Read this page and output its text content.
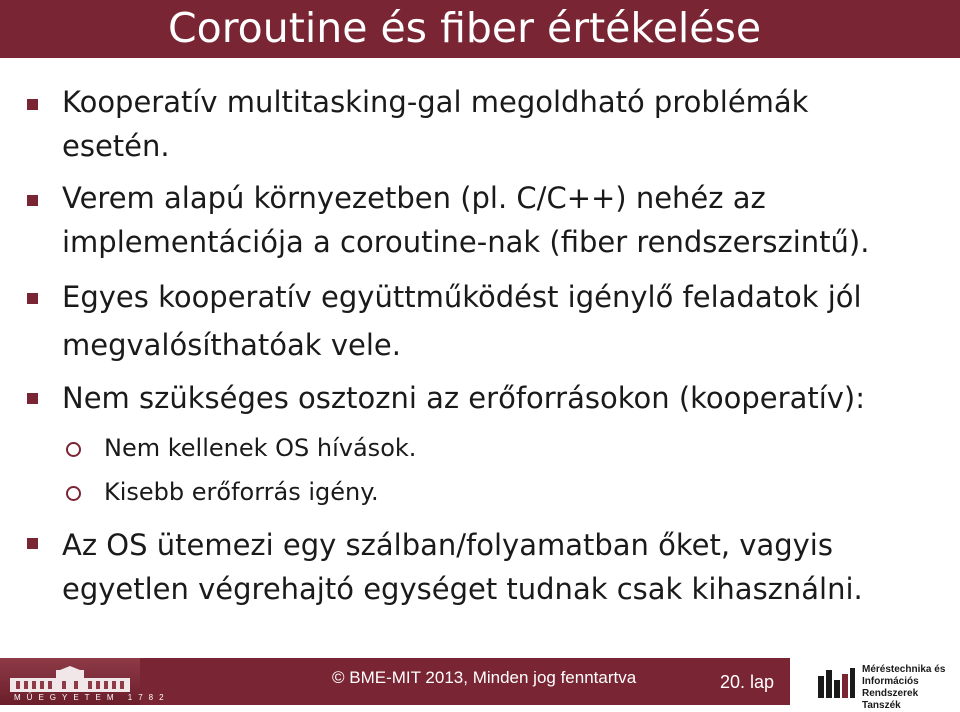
Coroutine és fiber értékelése
Kooperatív multitasking-gal megoldható problémák
esetén.
Verem alapú környezetben (pl. C/C++) nehéz az
implementációja a coroutine-nak (fiber rendszerszintű).
Egyes kooperatív együttműködést igénylő feladatok jól
megvalósíthatóak vele.
Nem szükséges osztozni az erőforrásokon (kooperatív):
Nem kellenek OS hívások.
Kisebb erőforrás igény.
Az OS ütemezi egy szálban/folyamatban őket, vagyis
egyetlen végrehajtó egységet tudnak csak kihasználni.
MŰEGYETEM 1782
© BME-MIT 2013, Minden jog fenntartva	20. lap
Méréstechnika és
Információs Rendszerek
Tanszék
